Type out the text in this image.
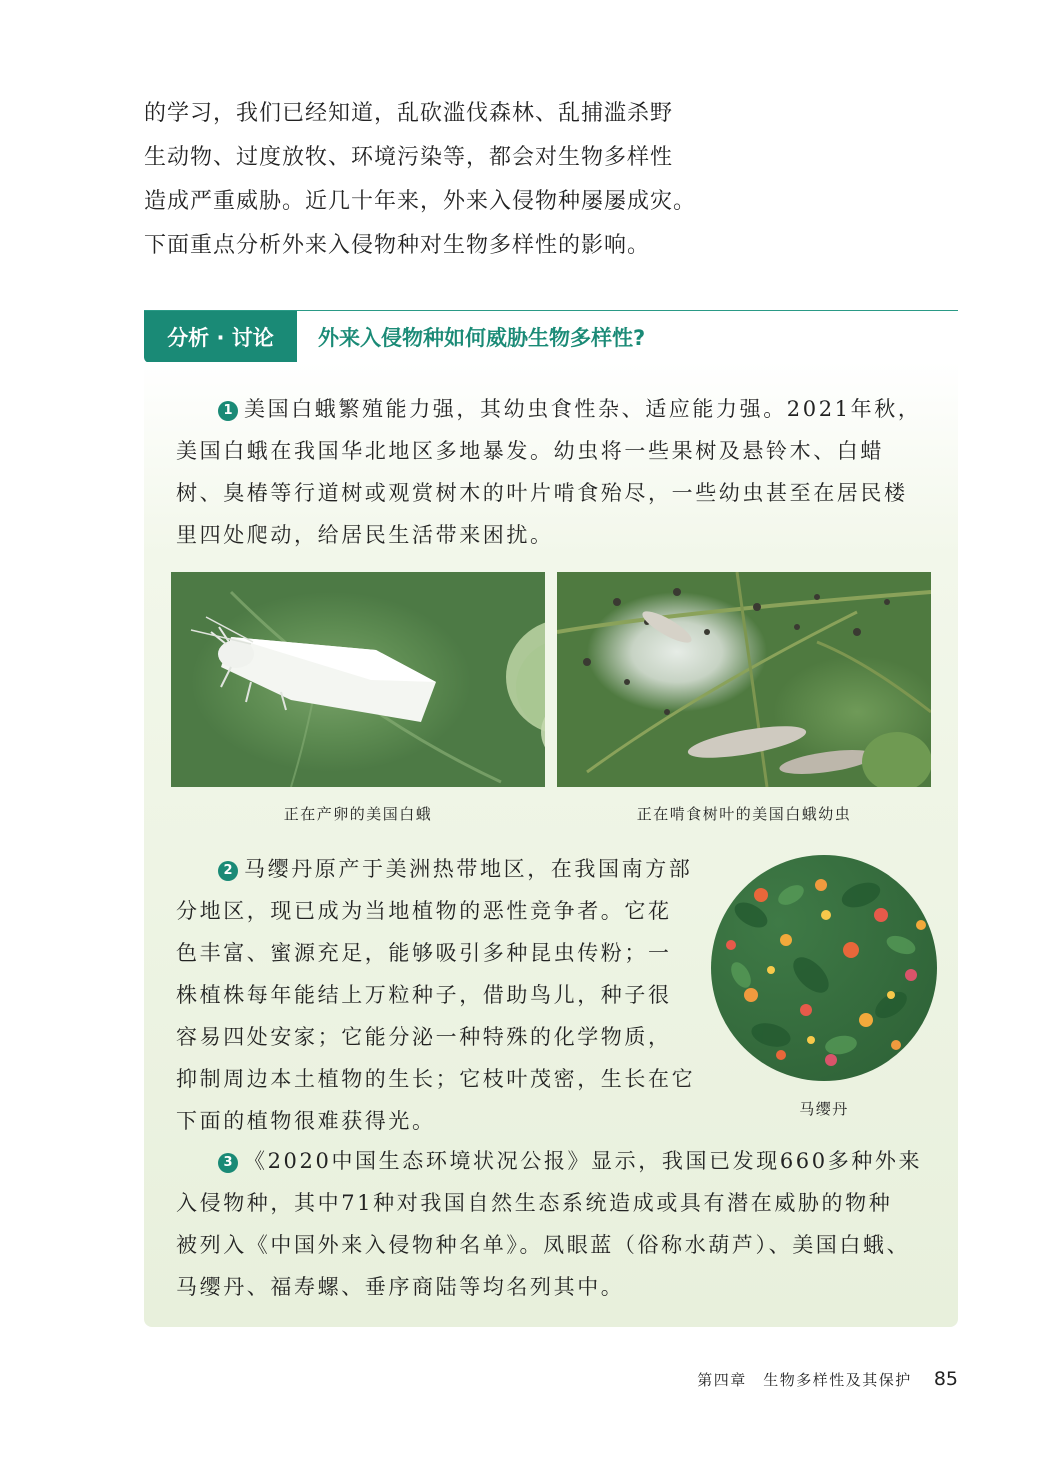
的学习，我们已经知道，乱砍滥伐森林、乱捕滥杀野

生动物、过度放牧、环境污染等，都会对生物多样性

造成严重威胁。近几十年来，外来入侵物种屡屡成灾。

下面重点分析外来入侵物种对生物多样性的影响。

分析 · 讨论	外来入侵物种如何威胁生物多样性?

1 美国白蛾繁殖能力强，其幼虫食性杂、适应能力强。2021年秋，

美国白蛾在我国华北地区多地暴发。幼虫将一些果树及悬铃木、白蜡

树、臭椿等行道树或观赏树木的叶片啃食殆尽，一些幼虫甚至在居民楼

里四处爬动，给居民生活带来困扰。

正在产卵的美国白蛾	正在啃食树叶的美国白蛾幼虫

2 马缨丹原产于美洲热带地区，在我国南方部

分地区，现已成为当地植物的恶性竞争者。它花

色丰富、蜜源充足，能够吸引多种昆虫传粉；一

株植株每年能结上万粒种子，借助鸟儿，种子很

容易四处安家；它能分泌一种特殊的化学物质，

抑制周边本土植物的生长；它枝叶茂密，生长在它

下面的植物很难获得光。	马缨丹

3 《2020中国生态环境状况公报》显示，我国已发现660多种外来

入侵物种，其中71种对我国自然生态系统造成或具有潜在威胁的物种

被列入《中国外来入侵物种名单》。凤眼蓝（俗称水葫芦）、美国白蛾、

马缨丹、福寿螺、垂序商陆等均名列其中。

第四章　生物多样性及其保护 85
